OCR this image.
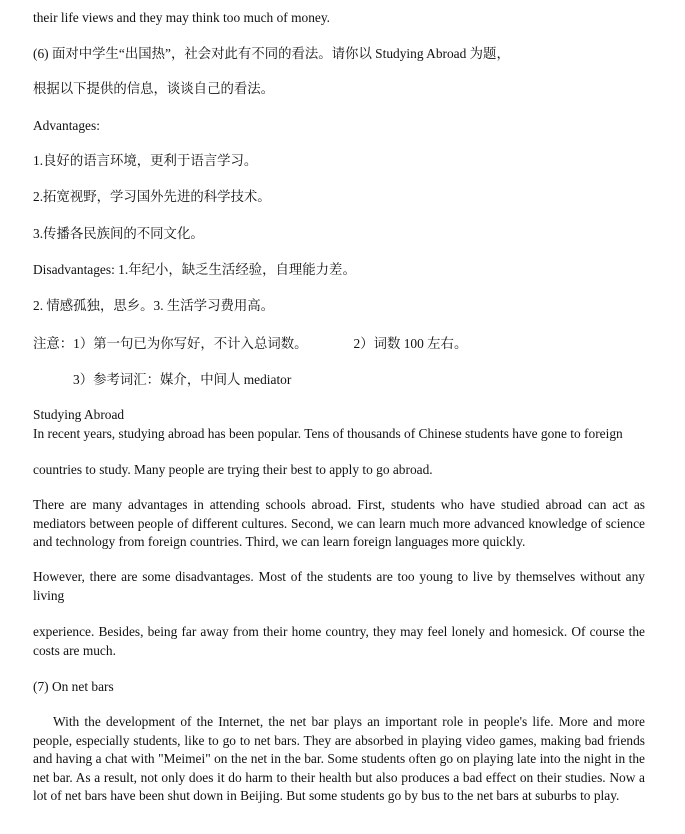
their life views and they may think too much of money.
(6) 面对中学生“出国热”，社会对此有不同的看法。请你以 Studying Abroad 为题，
根据以下提供的信息，谈谈自己的看法。
Advantages:
1.良好的语言环境，更利于语言学习。
2.拓宽视野，学习国外先进的科学技术。
3.传播各民族间的不同文化。
Disadvantages: 1.年纪小，缺乏生活经验，自理能力差。
2. 情感孤独，思乡。3. 生活学习费用高。
注意：1）第一句已为你写好，不计入总词数。	2）词数 100 左右。
3）参考词汇：媒介，中间人 mediator
Studying Abroad
In recent years, studying abroad has been popular. Tens of thousands of Chinese students have gone to foreign
countries to study. Many people are trying their best to apply to go abroad.
There are many advantages in attending schools abroad. First, students who have studied abroad can act as mediators between people of different cultures. Second, we can learn much more advanced knowledge of science and technology from foreign countries. Third, we can learn foreign languages more quickly.
However, there are some disadvantages. Most of the students are too young to live by themselves without any living
experience. Besides, being far away from their home country, they may feel lonely and homesick. Of course the costs are much.
(7) On net bars
With the development of the Internet, the net bar plays an important role in people's life. More and more people, especially students, like to go to net bars. They are absorbed in playing video games, making bad friends and having a chat with "Meimei" on the net in the bar. Some students often go on playing late into the night in the net bar. As a result, not only does it do harm to their health but also produces a bad effect on their studies. Now a lot of net bars have been shut down in Beijing. But some students go by bus to the net bars at suburbs to play.
